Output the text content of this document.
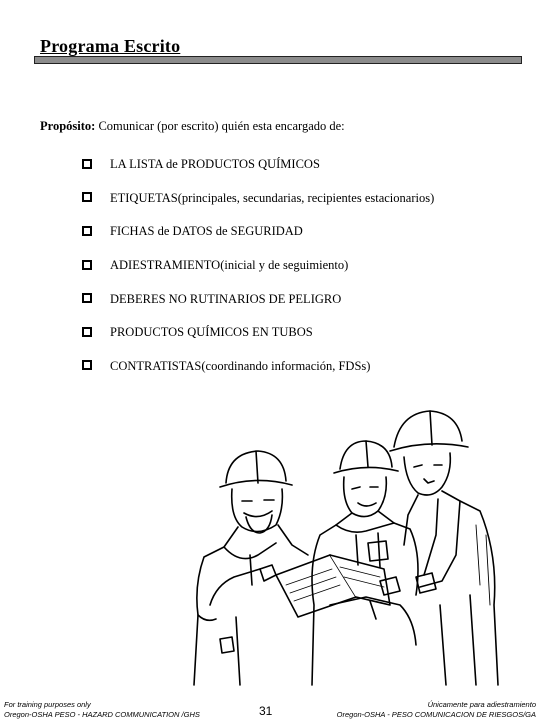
Programa Escrito
Propósito: Comunicar (por escrito) quién esta encargado de:
LA LISTA de PRODUCTOS QUÍMICOS
ETIQUETAS (principales, secundarias, recipientes estacionarios)
FICHAS de DATOS de SEGURIDAD
ADIESTRAMIENTO (inicial y de seguimiento)
DEBERES NO RUTINARIOS DE PELIGRO
PRODUCTOS QUÍMICOS EN TUBOS
CONTRATISTAS (coordinando información, FDSs)
For training purposes only
Oregon-OSHA PESO - HAZARD COMMUNICATION /GHS	31	Únicamente para adiestramiento
Oregon-OSHA - PESO COMUNICACION DE RIESGOS/GA
